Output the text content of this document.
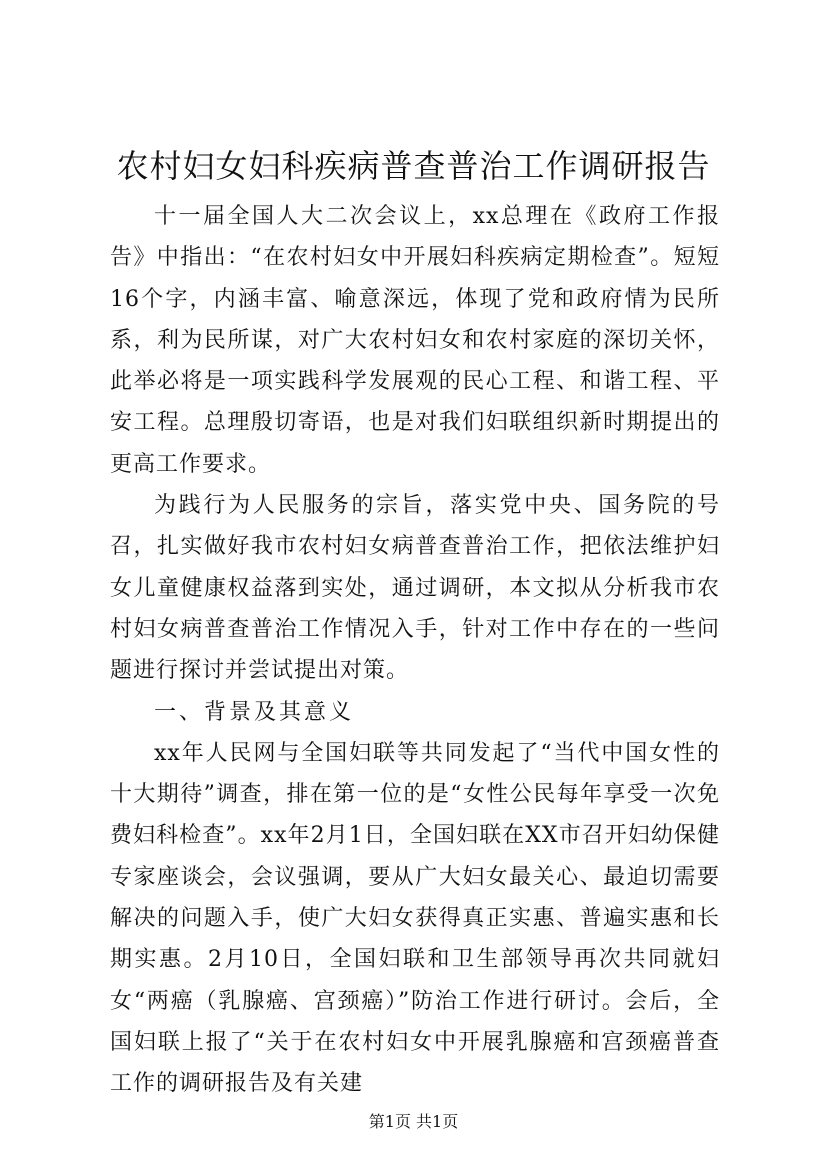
农村妇女妇科疾病普查普治工作调研报告

十一届全国人大二次会议上，xx总理在《政府工作报告》中指出：“在农村妇女中开展妇科疾病定期检查”。短短16个字，内涵丰富、喻意深远，体现了党和政府情为民所系，利为民所谋，对广大农村妇女和农村家庭的深切关怀，此举必将是一项实践科学发展观的民心工程、和谐工程、平安工程。总理殷切寄语，也是对我们妇联组织新时期提出的更高工作要求。

为践行为人民服务的宗旨，落实党中央、国务院的号召，扎实做好我市农村妇女病普查普治工作，把依法维护妇女儿童健康权益落到实处，通过调研，本文拟从分析我市农村妇女病普查普治工作情况入手，针对工作中存在的一些问题进行探讨并尝试提出对策。

一、背景及其意义

xx年人民网与全国妇联等共同发起了“当代中国女性的十大期待”调查，排在第一位的是“女性公民每年享受一次免费妇科检查”。xx年2月1日，全国妇联在XX市召开妇幼保健专家座谈会，会议强调，要从广大妇女最关心、最迫切需要解决的问题入手，使广大妇女获得真正实惠、普遍实惠和长期实惠。2月10日，全国妇联和卫生部领导再次共同就妇女“两癌（乳腺癌、宫颈癌）”防治工作进行研讨。会后，全国妇联上报了“关于在农村妇女中开展乳腺癌和宫颈癌普查工作的调研报告及有关建

第1页 共1页
